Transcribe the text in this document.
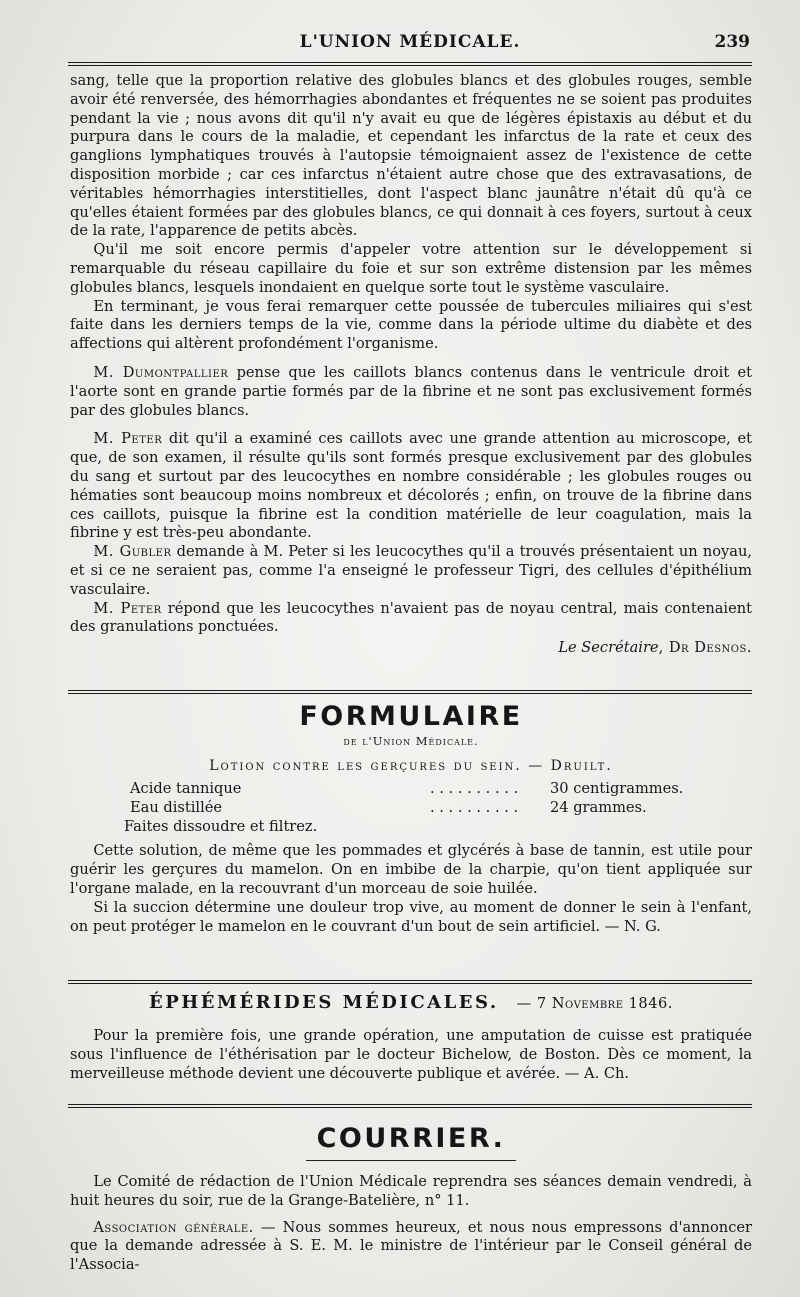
L'UNION MÉDICALE.	239

sang, telle que la proportion relative des globules blancs et des globules rouges, semble avoir été renversée, des hémorrhagies abondantes et fréquentes ne se soient pas produites pendant la vie ; nous avons dit qu'il n'y avait eu que de légères épistaxis au début et du purpura dans le cours de la maladie, et cependant les infarctus de la rate et ceux des ganglions lymphatiques trouvés à l'autopsie témoignaient assez de l'existence de cette disposition morbide ; car ces infarctus n'étaient autre chose que des extravasations, de véritables hémorrhagies interstitielles, dont l'aspect blanc jaunâtre n'était dû qu'à ce qu'elles étaient formées par des globules blancs, ce qui donnait à ces foyers, surtout à ceux de la rate, l'apparence de petits abcès.

Qu'il me soit encore permis d'appeler votre attention sur le développement si remarquable du réseau capillaire du foie et sur son extrême distension par les mêmes globules blancs, lesquels inondaient en quelque sorte tout le système vasculaire.

En terminant, je vous ferai remarquer cette poussée de tubercules miliaires qui s'est faite dans les derniers temps de la vie, comme dans la période ultime du diabète et des affections qui altèrent profondément l'organisme.

M. Dumontpallier pense que les caillots blancs contenus dans le ventricule droit et l'aorte sont en grande partie formés par de la fibrine et ne sont pas exclusivement formés par des globules blancs.

M. Peter dit qu'il a examiné ces caillots avec une grande attention au microscope, et que, de son examen, il résulte qu'ils sont formés presque exclusivement par des globules du sang et surtout par des leucocythes en nombre considérable ; les globules rouges ou hématies sont beaucoup moins nombreux et décolorés ; enfin, on trouve de la fibrine dans ces caillots, puisque la fibrine est la condition matérielle de leur coagulation, mais la fibrine y est très-peu abondante.

M. Gubler demande à M. Peter si les leucocythes qu'il a trouvés présentaient un noyau, et si ce ne seraient pas, comme l'a enseigné le professeur Tigri, des cellules d'épithélium vasculaire.

M. Peter répond que les leucocythes n'avaient pas de noyau central, mais contenaient des granulations ponctuées.

Le Secrétaire, Dr Desnos.

FORMULAIRE
de l'Union Médicale.
Lotion contre les gerçures du sein. — Druilt.
Acide tannique	. . . . . . . . . .	30 centigrammes.
Eau distillée	. . . . . . . . . .	24 grammes.

Faites dissoudre et filtrez.

Cette solution, de même que les pommades et glycérés à base de tannin, est utile pour guérir les gerçures du mamelon. On en imbibe de la charpie, qu'on tient appliquée sur l'organe malade, en la recouvrant d'un morceau de soie huilée.

Si la succion détermine une douleur trop vive, au moment de donner le sein à l'enfant, on peut protéger le mamelon en le couvrant d'un bout de sein artificiel. — N. G.

ÉPHÉMÉRIDES MÉDICALES. — 7 Novembre 1846.

Pour la première fois, une grande opération, une amputation de cuisse est pratiquée sous l'influence de l'éthérisation par le docteur Bichelow, de Boston. Dès ce moment, la merveilleuse méthode devient une découverte publique et avérée. — A. Ch.

COURRIER.

Le Comité de rédaction de l'Union Médicale reprendra ses séances demain vendredi, à huit heures du soir, rue de la Grange-Batelière, n° 11.

Association générale. — Nous sommes heureux, et nous nous empressons d'annoncer que la demande adressée à S. E. M. le ministre de l'intérieur par le Conseil général de l'Associa-
